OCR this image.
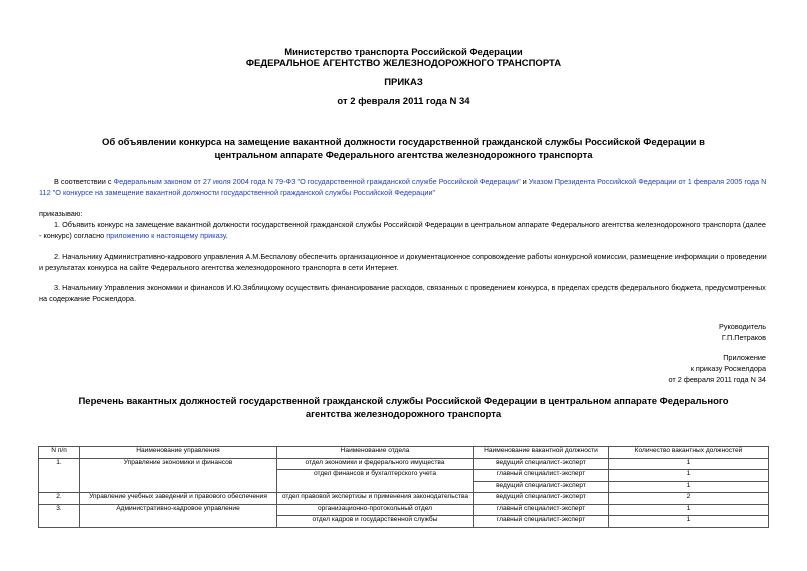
Министерство транспорта Российской Федерации
ФЕДЕРАЛЬНОЕ АГЕНТСТВО ЖЕЛЕЗНОДОРОЖНОГО ТРАНСПОРТА
ПРИКАЗ
от 2 февраля 2011 года N 34
Об объявлении конкурса на замещение вакантной должности государственной гражданской службы Российской Федерации в центральном аппарате Федерального агентства железнодорожного транспорта
В соответствии с Федеральным законом от 27 июля 2004 года N 79-ФЗ "О государственной гражданской службе Российской Федерации" и Указом Президента Российской Федерации от 1 февраля 2005 года N 112 "О конкурсе на замещение вакантной должности государственной гражданской службы Российской Федерации"
приказываю:
1. Объявить конкурс на замещение вакантной должности государственной гражданской службы Российской Федерации в центральном аппарате Федерального агентства железнодорожного транспорта (далее - конкурс) согласно приложению к настоящему приказу.
2. Начальнику Административно-кадрового управления А.М.Беспалову обеспечить организационное и документационное сопровождение работы конкурсной комиссии, размещение информации о проведении и результатах конкурса на сайте Федерального агентства железнодорожного транспорта в сети Интернет.
3. Начальнику Управления экономики и финансов И.Ю.Зяблицкому осуществить финансирование расходов, связанных с проведением конкурса, в пределах средств федерального бюджета, предусмотренных на содержание Росжелдора.
Руководитель
Г.П.Петраков
Приложение
к приказу Росжелдора
от 2 февраля 2011 года N 34
Перечень вакантных должностей государственной гражданской службы Российской Федерации в центральном аппарате Федерального агентства железнодорожного транспорта
N п/п	Наименование управления	Наименование отдела	Наименование вакантной должности	Количество вакантных должностей
1.	Управление экономики и финансов	отдел экономики и федерального имущества	ведущий специалист-эксперт	1
		отдел финансов и бухгалтерского учета	главный специалист-эксперт	1
			ведущий специалист-эксперт	1
2.	Управление учебных заведений и правового обеспечения	отдел правовой экспертизы и применения законодательства	ведущий специалист-эксперт	2
3.	Административно-кадровое управление	организационно-протокольный отдел	главный специалист-эксперт	1
		отдел кадров и государственной службы	главный специалист-эксперт	1
